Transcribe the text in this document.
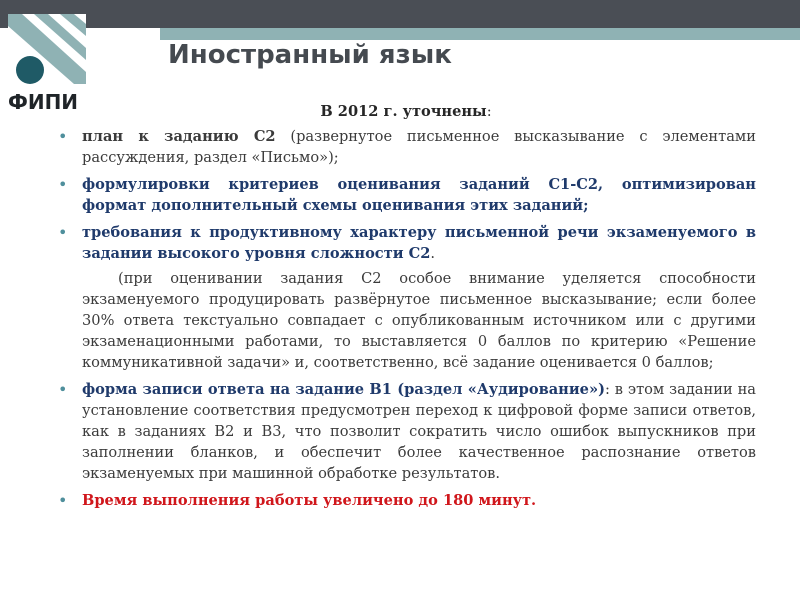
ФИПИ
Иностранный язык
В 2012 г. уточнены:
• план к заданию С2 (развернутое письменное высказывание с элементами рассуждения, раздел «Письмо»);
• формулировки критериев оценивания заданий С1-С2, оптимизирован формат дополнительный схемы оценивания этих заданий;
• требования к продуктивному характеру письменной речи экзаменуемого в задании высокого уровня сложности С2.
(при оценивании задания С2 особое внимание уделяется способности экзаменуемого продуцировать развёрнутое письменное высказывание; если более 30% ответа текстуально совпадает с опубликованным источником или с другими экзаменационными работами, то выставляется 0 баллов по критерию «Решение коммуникативной задачи» и, соответственно, всё задание оценивается 0 баллов;
• форма записи ответа на задание В1 (раздел «Аудирование»): в этом задании на установление соответствия предусмотрен переход к цифровой форме записи ответов, как в заданиях В2 и В3, что позволит сократить число ошибок выпускников при заполнении бланков, и обеспечит более качественное распознание ответов экзаменуемых при машинной обработке результатов.
• Время выполнения работы увеличено до 180 минут.
